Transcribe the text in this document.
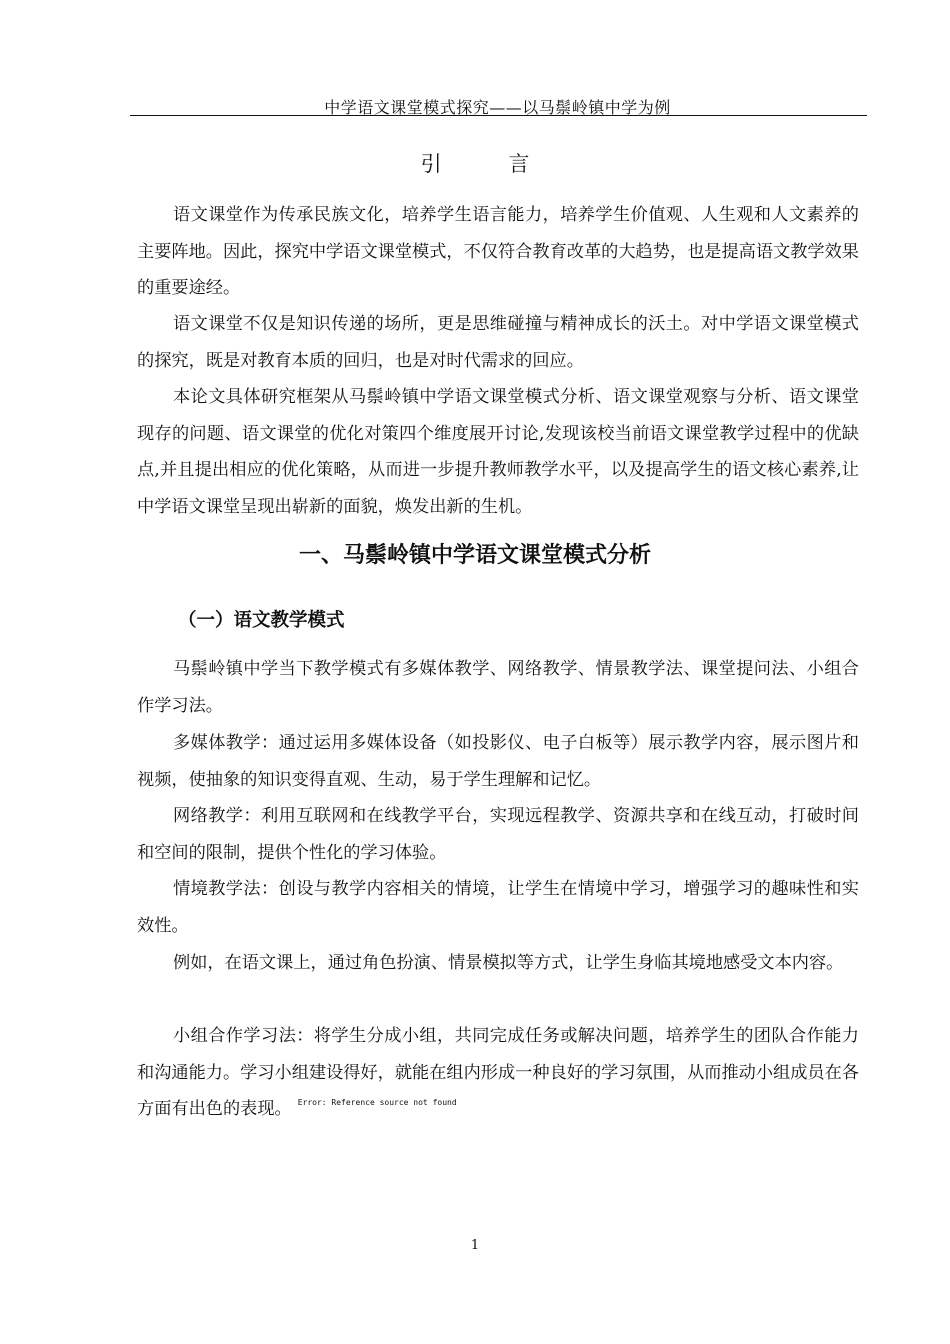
中学语文课堂模式探究——以马鬃岭镇中学为例
引 言

语文课堂作为传承民族文化，培养学生语言能力，培养学生价值观、人生观和人文素养的主要阵地。因此，探究中学语文课堂模式，不仅符合教育改革的大趋势，也是提高语文教学效果的重要途经。

语文课堂不仅是知识传递的场所，更是思维碰撞与精神成长的沃土。对中学语文课堂模式的探究，既是对教育本质的回归，也是对时代需求的回应。

本论文具体研究框架从马鬃岭镇中学语文课堂模式分析、语文课堂观察与分析、语文课堂现存的问题、语文课堂的优化对策四个维度展开讨论,发现该校当前语文课堂教学过程中的优缺点,并且提出相应的优化策略，从而进一步提升教师教学水平，以及提高学生的语文核心素养,让中学语文课堂呈现出崭新的面貌，焕发出新的生机。

一、马鬃岭镇中学语文课堂模式分析
（一）语文教学模式

马鬃岭镇中学当下教学模式有多媒体教学、网络教学、情景教学法、课堂提问法、小组合作学习法。

多媒体教学：通过运用多媒体设备（如投影仪、电子白板等）展示教学内容，展示图片和视频，使抽象的知识变得直观、生动，易于学生理解和记忆。

网络教学：利用互联网和在线教学平台，实现远程教学、资源共享和在线互动，打破时间和空间的限制，提供个性化的学习体验。

情境教学法：创设与教学内容相关的情境，让学生在情境中学习，增强学习的趣味性和实效性。

例如，在语文课上，通过角色扮演、情景模拟等方式，让学生身临其境地感受文本内容。

小组合作学习法：将学生分成小组，共同完成任务或解决问题，培养学生的团队合作能力和沟通能力。学习小组建设得好，就能在组内形成一种良好的学习氛围，从而推动小组成员在各方面有出色的表现。 $^{Error: Reference source not found}$

1
